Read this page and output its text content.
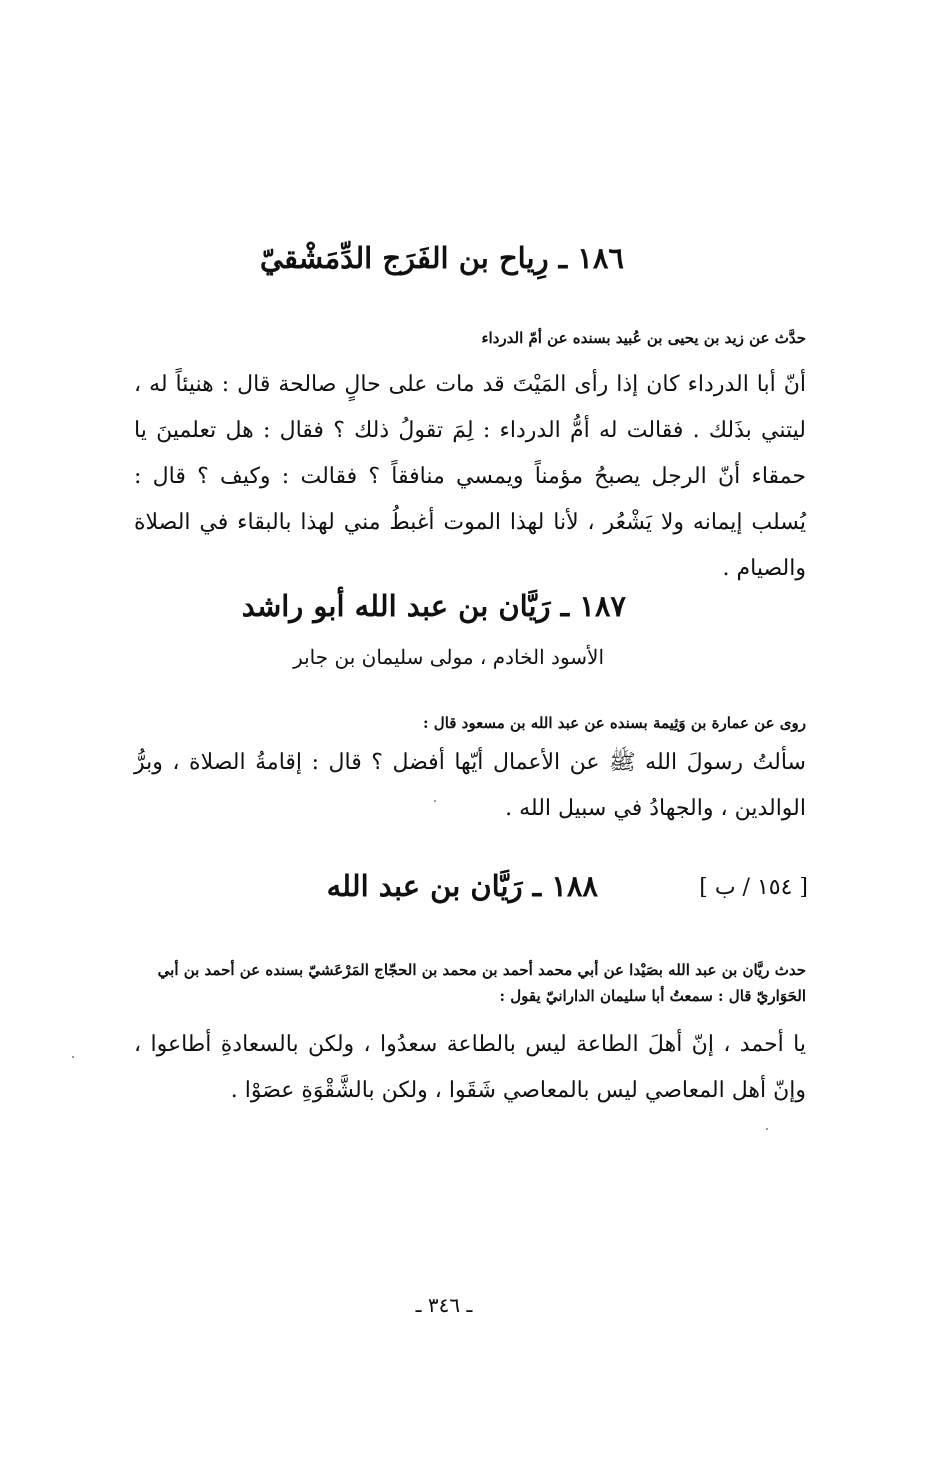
١٨٦ ـ رِياح بن الفَرَج الدِّمَشْقيّ
حدَّث عن زيد بن يحيى بن عُبيد بسنده عن أمّ الدرداء
أنّ أبا الدرداء كان إذا رأى المَيْتَ قد مات على حالٍ صالحة قال : هنيئاً له ، ليتني بذَلك . فقالت له أمُّ الدرداء : لِمَ تقولُ ذلك ؟ فقال : هل تعلمينَ يا حمقاء أنّ الرجل يصبحُ مؤمناً ويمسي منافقاً ؟ فقالت : وكيف ؟ قال : يُسلب إيمانه ولا يَشْعُر ، لأنا لهذا الموت أغبطُ مني لهذا بالبقاء في الصلاة والصيام .
١٨٧ ـ رَيَّان بن عبد الله أبو راشد
الأسود الخادم ، مولى سليمان بن جابر
روى عن عمارة بن وَثِيمة بسنده عن عبد الله بن مسعود قال :
سألتُ رسولَ الله ﷺ عن الأعمال أيّها أفضل ؟ قال : إقامةُ الصلاة ، وبرُّ الوالدين ، والجهادُ في سبيل الله .
[ ١٥٤ / ب ]
١٨٨ ـ رَيَّان بن عبد الله
حدث ريَّان بن عبد الله بصَيْدا عن أبي محمد أحمد بن محمد بن الحجّاج المَرْعَشيّ بسنده عن أحمد بن أبي الحَوَاريّ قال : سمعتُ أبا سليمان الدارانيّ يقول :
يا أحمد ، إنّ أهلَ الطاعة ليس بالطاعة سعدُوا ، ولكن بالسعادةِ أطاعوا ، وإنّ أهل المعاصي ليس بالمعاصي شَقَوا ، ولكن بالشَّقْوَةِ عصَوْا .
ـ ٣٤٦ ـ
